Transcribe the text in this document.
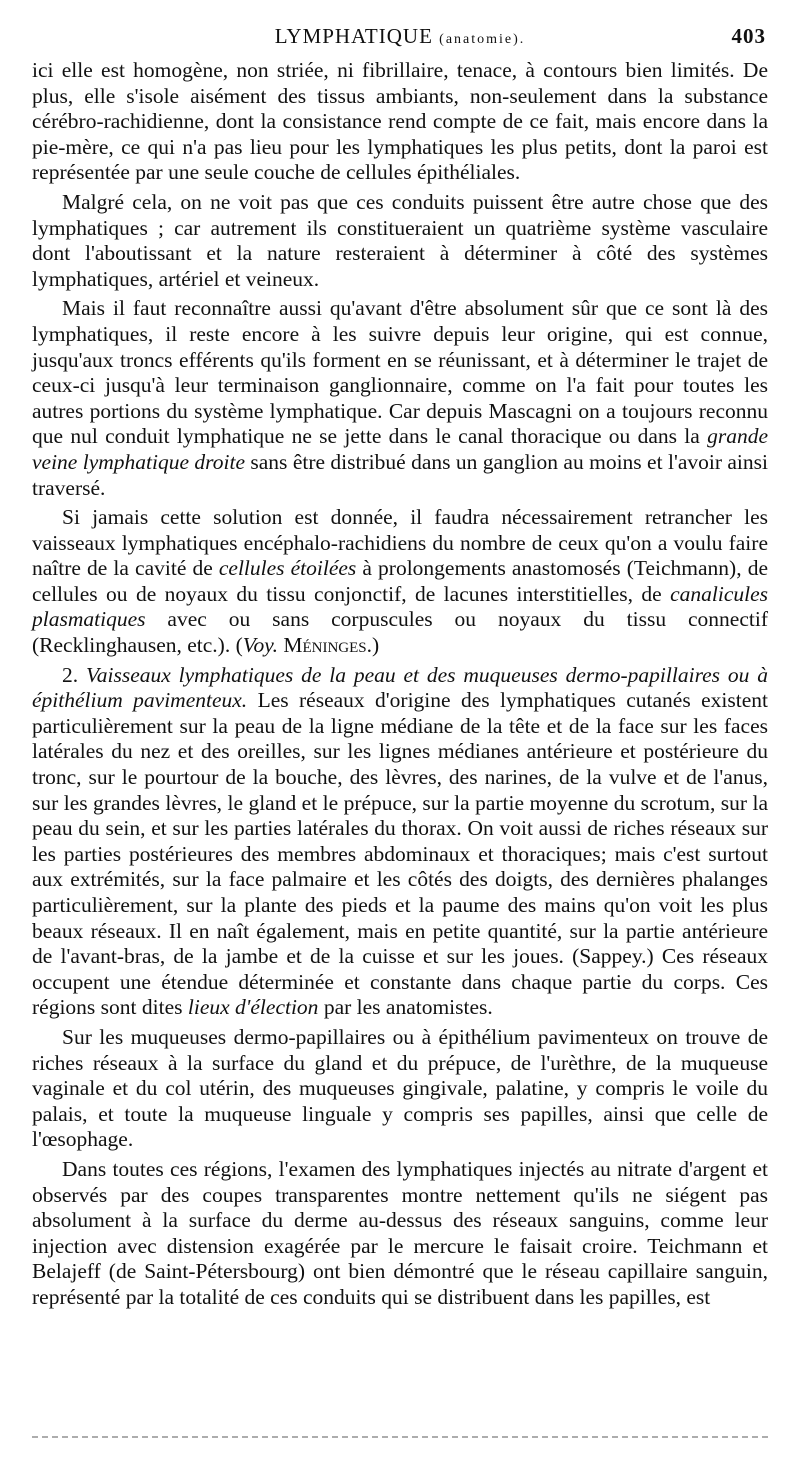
LYMPHATIQUE (anatomie).	403

ici elle est homogène, non striée, ni fibrillaire, tenace, à contours bien limités. De plus, elle s'isole aisément des tissus ambiants, non-seulement dans la substance cérébro-rachidienne, dont la consistance rend compte de ce fait, mais encore dans la pie-mère, ce qui n'a pas lieu pour les lymphatiques les plus petits, dont la paroi est représentée par une seule couche de cellules épithéliales.

Malgré cela, on ne voit pas que ces conduits puissent être autre chose que des lymphatiques ; car autrement ils constitueraient un quatrième système vasculaire dont l'aboutissant et la nature resteraient à déterminer à côté des systèmes lymphatiques, artériel et veineux.

Mais il faut reconnaître aussi qu'avant d'être absolument sûr que ce sont là des lymphatiques, il reste encore à les suivre depuis leur origine, qui est connue, jusqu'aux troncs efférents qu'ils forment en se réunissant, et à déterminer le trajet de ceux-ci jusqu'à leur terminaison ganglionnaire, comme on l'a fait pour toutes les autres portions du système lymphatique. Car depuis Mascagni on a toujours reconnu que nul conduit lymphatique ne se jette dans le canal thoracique ou dans la grande veine lymphatique droite sans être distribué dans un ganglion au moins et l'avoir ainsi traversé.

Si jamais cette solution est donnée, il faudra nécessairement retrancher les vaisseaux lymphatiques encéphalo-rachidiens du nombre de ceux qu'on a voulu faire naître de la cavité de cellules étoilées à prolongements anastomosés (Teichmann), de cellules ou de noyaux du tissu conjonctif, de lacunes interstitielles, de canalicules plasmatiques avec ou sans corpuscules ou noyaux du tissu connectif (Recklinghausen, etc.). (Voy. Méninges.)

2. Vaisseaux lymphatiques de la peau et des muqueuses dermo-papillaires ou à épithélium pavimenteux. Les réseaux d'origine des lymphatiques cutanés existent particulièrement sur la peau de la ligne médiane de la tête et de la face sur les faces latérales du nez et des oreilles, sur les lignes médianes antérieure et postérieure du tronc, sur le pourtour de la bouche, des lèvres, des narines, de la vulve et de l'anus, sur les grandes lèvres, le gland et le prépuce, sur la partie moyenne du scrotum, sur la peau du sein, et sur les parties latérales du thorax. On voit aussi de riches réseaux sur les parties postérieures des membres abdominaux et thoraciques; mais c'est surtout aux extrémités, sur la face palmaire et les côtés des doigts, des dernières phalanges particulièrement, sur la plante des pieds et la paume des mains qu'on voit les plus beaux réseaux. Il en naît également, mais en petite quantité, sur la partie antérieure de l'avant-bras, de la jambe et de la cuisse et sur les joues. (Sappey.) Ces réseaux occupent une étendue déterminée et constante dans chaque partie du corps. Ces régions sont dites lieux d'élection par les anatomistes.

Sur les muqueuses dermo-papillaires ou à épithélium pavimenteux on trouve de riches réseaux à la surface du gland et du prépuce, de l'urèthre, de la muqueuse vaginale et du col utérin, des muqueuses gingivale, palatine, y compris le voile du palais, et toute la muqueuse linguale y compris ses papilles, ainsi que celle de l'œsophage.

Dans toutes ces régions, l'examen des lymphatiques injectés au nitrate d'argent et observés par des coupes transparentes montre nettement qu'ils ne siégent pas absolument à la surface du derme au-dessus des réseaux sanguins, comme leur injection avec distension exagérée par le mercure le faisait croire. Teichmann et Belajeff (de Saint-Pétersbourg) ont bien démontré que le réseau capillaire sanguin, représenté par la totalité de ces conduits qui se distribuent dans les papilles, est
